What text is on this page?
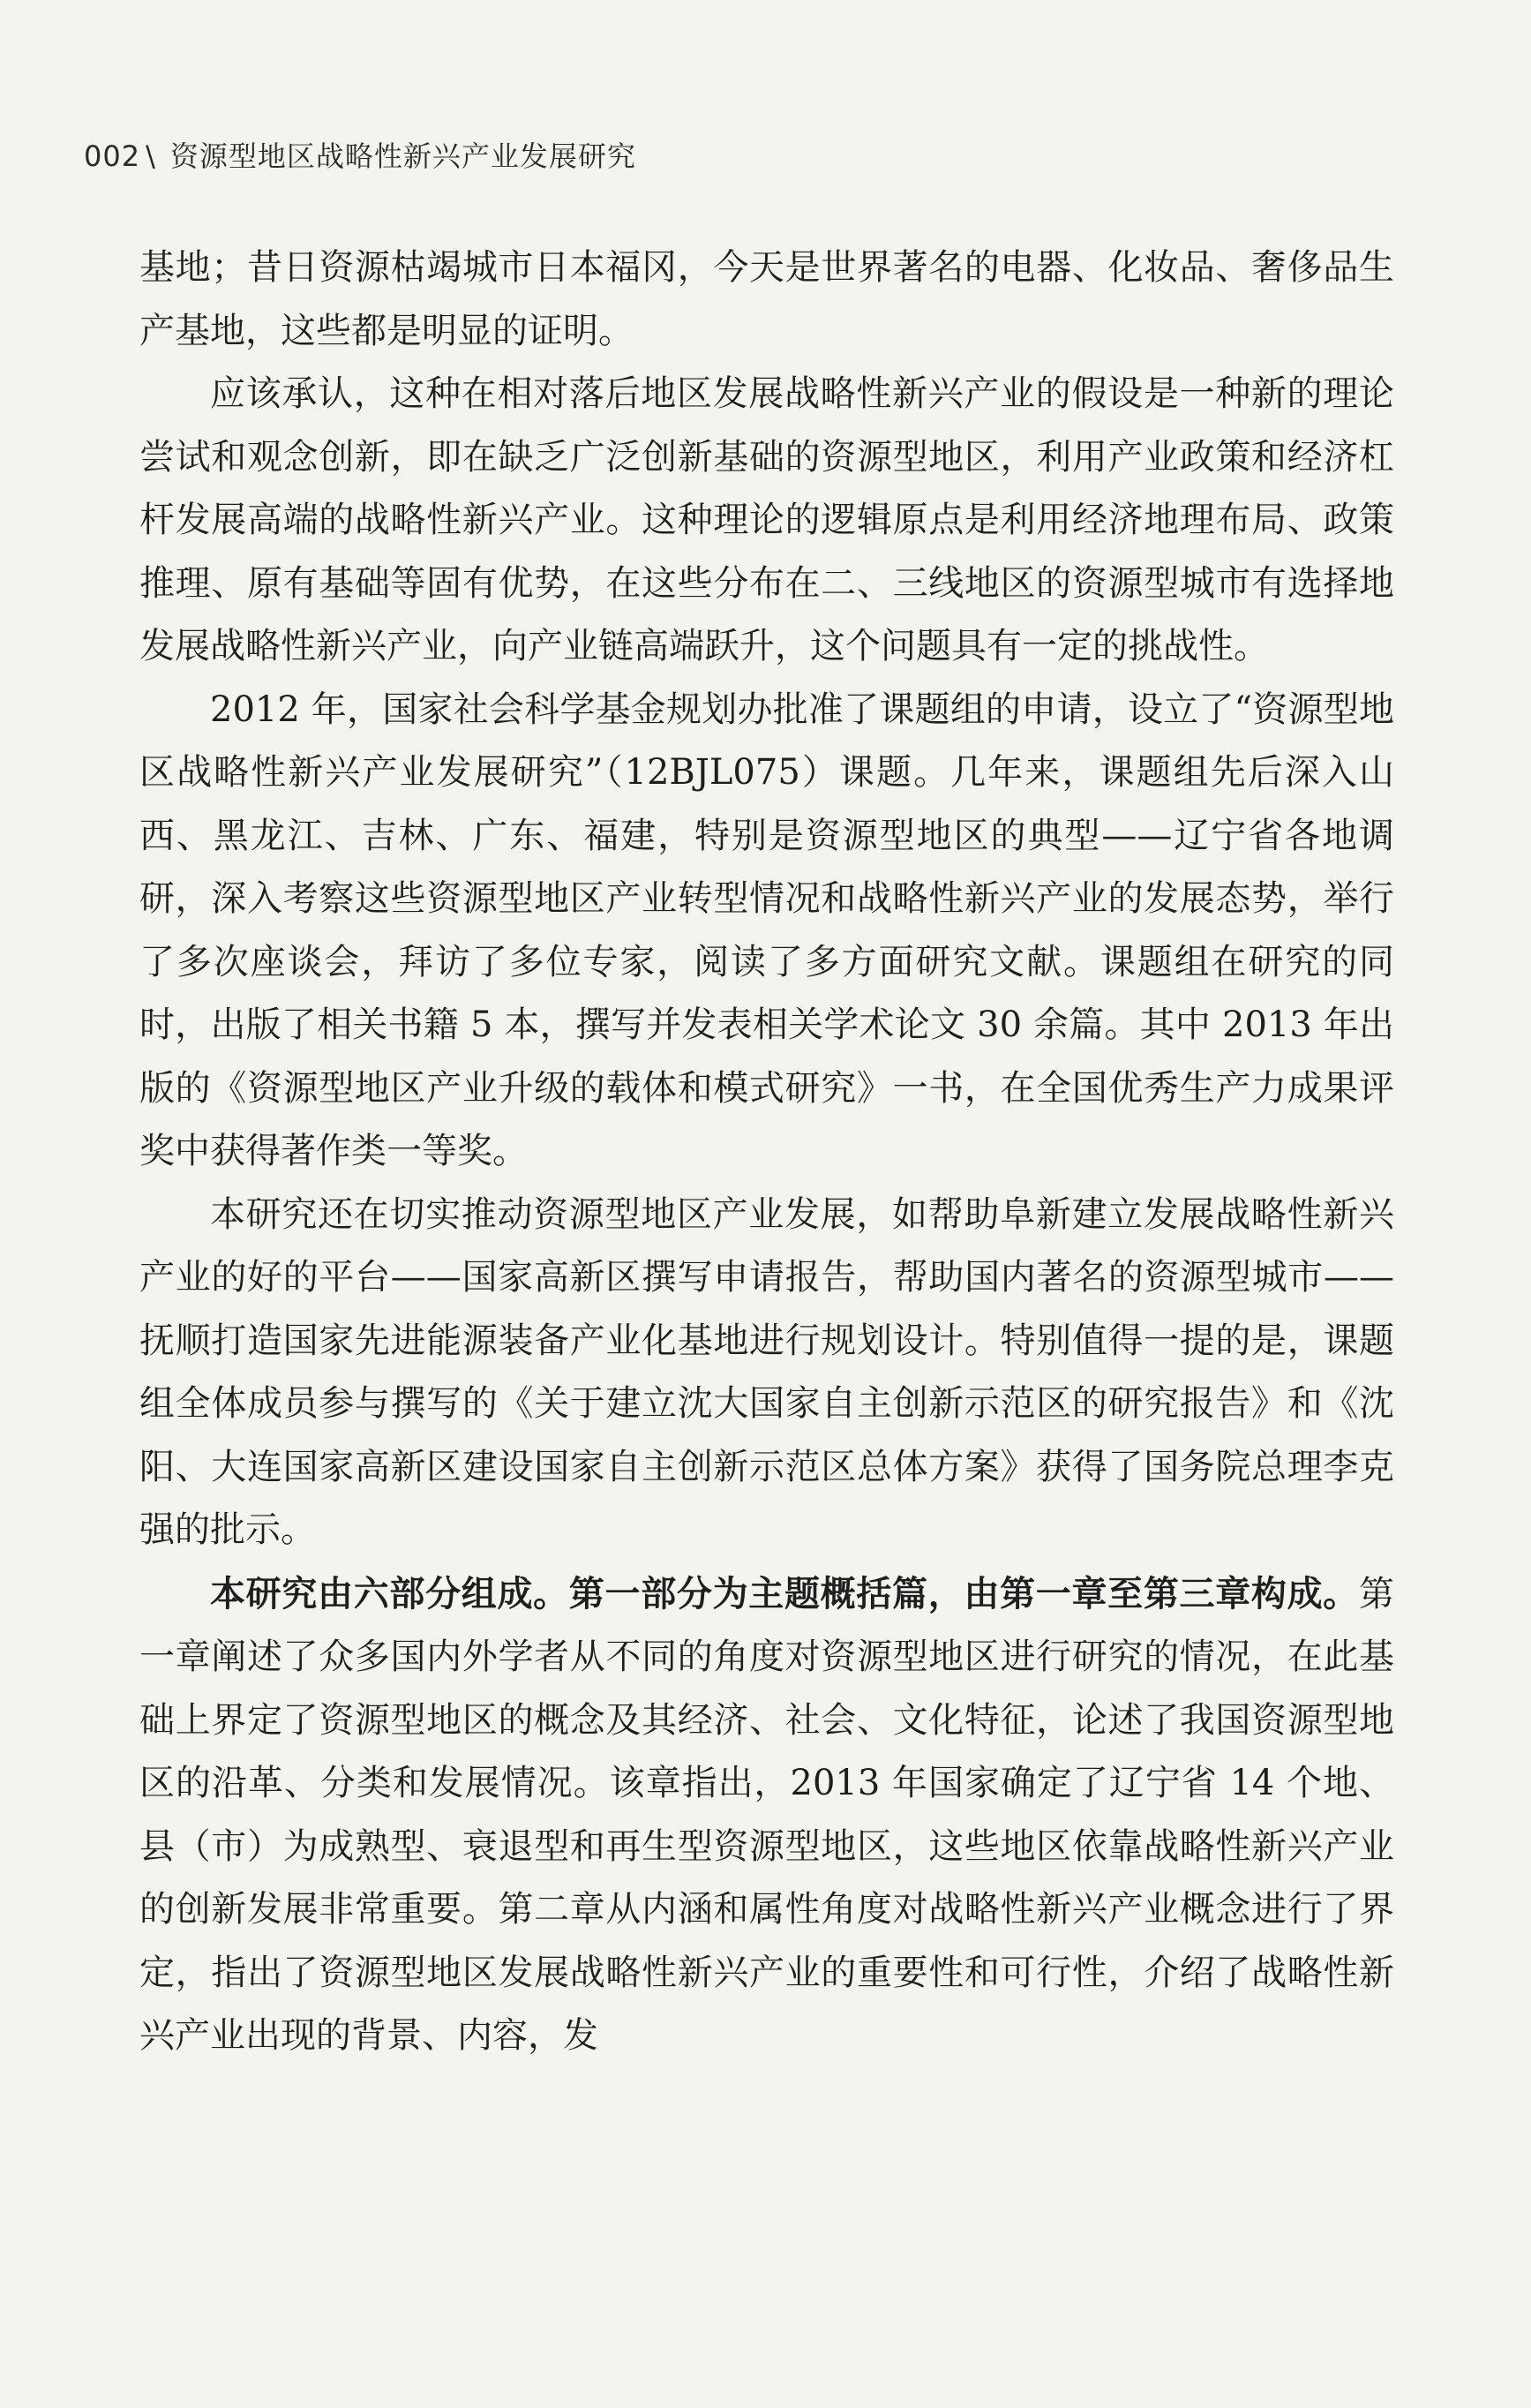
002 \ 资源型地区战略性新兴产业发展研究

基地；昔日资源枯竭城市日本福冈，今天是世界著名的电器、化妆品、奢侈品生产基地，这些都是明显的证明。

应该承认，这种在相对落后地区发展战略性新兴产业的假设是一种新的理论尝试和观念创新，即在缺乏广泛创新基础的资源型地区，利用产业政策和经济杠杆发展高端的战略性新兴产业。这种理论的逻辑原点是利用经济地理布局、政策推理、原有基础等固有优势，在这些分布在二、三线地区的资源型城市有选择地发展战略性新兴产业，向产业链高端跃升，这个问题具有一定的挑战性。

2012 年，国家社会科学基金规划办批准了课题组的申请，设立了“资源型地区战略性新兴产业发展研究”（12BJL075）课题。几年来，课题组先后深入山西、黑龙江、吉林、广东、福建，特别是资源型地区的典型——辽宁省各地调研，深入考察这些资源型地区产业转型情况和战略性新兴产业的发展态势，举行了多次座谈会，拜访了多位专家，阅读了多方面研究文献。课题组在研究的同时，出版了相关书籍 5 本，撰写并发表相关学术论文 30 余篇。其中 2013 年出版的《资源型地区产业升级的载体和模式研究》一书，在全国优秀生产力成果评奖中获得著作类一等奖。

本研究还在切实推动资源型地区产业发展，如帮助阜新建立发展战略性新兴产业的好的平台——国家高新区撰写申请报告，帮助国内著名的资源型城市——抚顺打造国家先进能源装备产业化基地进行规划设计。特别值得一提的是，课题组全体成员参与撰写的《关于建立沈大国家自主创新示范区的研究报告》和《沈阳、大连国家高新区建设国家自主创新示范区总体方案》获得了国务院总理李克强的批示。

本研究由六部分组成。第一部分为主题概括篇，由第一章至第三章构成。第一章阐述了众多国内外学者从不同的角度对资源型地区进行研究的情况，在此基础上界定了资源型地区的概念及其经济、社会、文化特征，论述了我国资源型地区的沿革、分类和发展情况。该章指出，2013 年国家确定了辽宁省 14 个地、县（市）为成熟型、衰退型和再生型资源型地区，这些地区依靠战略性新兴产业的创新发展非常重要。第二章从内涵和属性角度对战略性新兴产业概念进行了界定，指出了资源型地区发展战略性新兴产业的重要性和可行性，介绍了战略性新兴产业出现的背景、内容，发
